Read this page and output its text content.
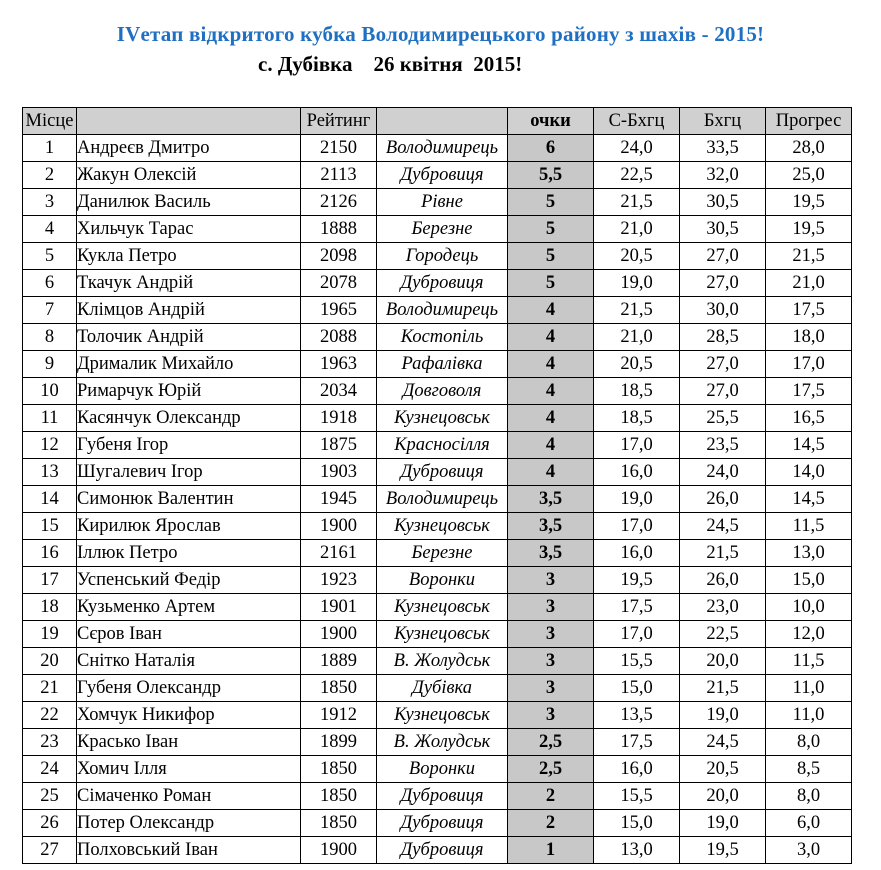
IVетап відкритого кубка Володимирецького району з шахів - 2015!
с. Дубівка    26 квітня  2015!
Місце		Рейтинг		очки	С-Бхгц	Бхгц	Прогрес
1	Андреєв Дмитро	2150	Володимирець	6	24,0	33,5	28,0
2	Жакун Олексій	2113	Дубровиця	5,5	22,5	32,0	25,0
3	Данилюк Василь	2126	Рівне	5	21,5	30,5	19,5
4	Хильчук Тарас	1888	Березне	5	21,0	30,5	19,5
5	Кукла Петро	2098	Городець	5	20,5	27,0	21,5
6	Ткачук Андрій	2078	Дубровиця	5	19,0	27,0	21,0
7	Клімцов Андрій	1965	Володимирець	4	21,5	30,0	17,5
8	Толочик Андрій	2088	Костопіль	4	21,0	28,5	18,0
9	Дрималик Михайло	1963	Рафалівка	4	20,5	27,0	17,0
10	Римарчук Юрій	2034	Довговоля	4	18,5	27,0	17,5
11	Касянчук Олександр	1918	Кузнецовськ	4	18,5	25,5	16,5
12	Губеня Ігор	1875	Красносілля	4	17,0	23,5	14,5
13	Шугалевич Ігор	1903	Дубровиця	4	16,0	24,0	14,0
14	Симонюк Валентин	1945	Володимирець	3,5	19,0	26,0	14,5
15	Кирилюк Ярослав	1900	Кузнецовськ	3,5	17,0	24,5	11,5
16	Іллюк Петро	2161	Березне	3,5	16,0	21,5	13,0
17	Успенський Федір	1923	Воронки	3	19,5	26,0	15,0
18	Кузьменко Артем	1901	Кузнецовськ	3	17,5	23,0	10,0
19	Сєров Іван	1900	Кузнецовськ	3	17,0	22,5	12,0
20	Снітко Наталія	1889	В. Жолудськ	3	15,5	20,0	11,5
21	Губеня Олександр	1850	Дубівка	3	15,0	21,5	11,0
22	Хомчук Никифор	1912	Кузнецовськ	3	13,5	19,0	11,0
23	Красько Іван	1899	В. Жолудськ	2,5	17,5	24,5	8,0
24	Хомич Ілля	1850	Воронки	2,5	16,0	20,5	8,5
25	Сімаченко Роман	1850	Дубровиця	2	15,5	20,0	8,0
26	Потер Олександр	1850	Дубровиця	2	15,0	19,0	6,0
27	Полховський Іван	1900	Дубровиця	1	13,0	19,5	3,0
